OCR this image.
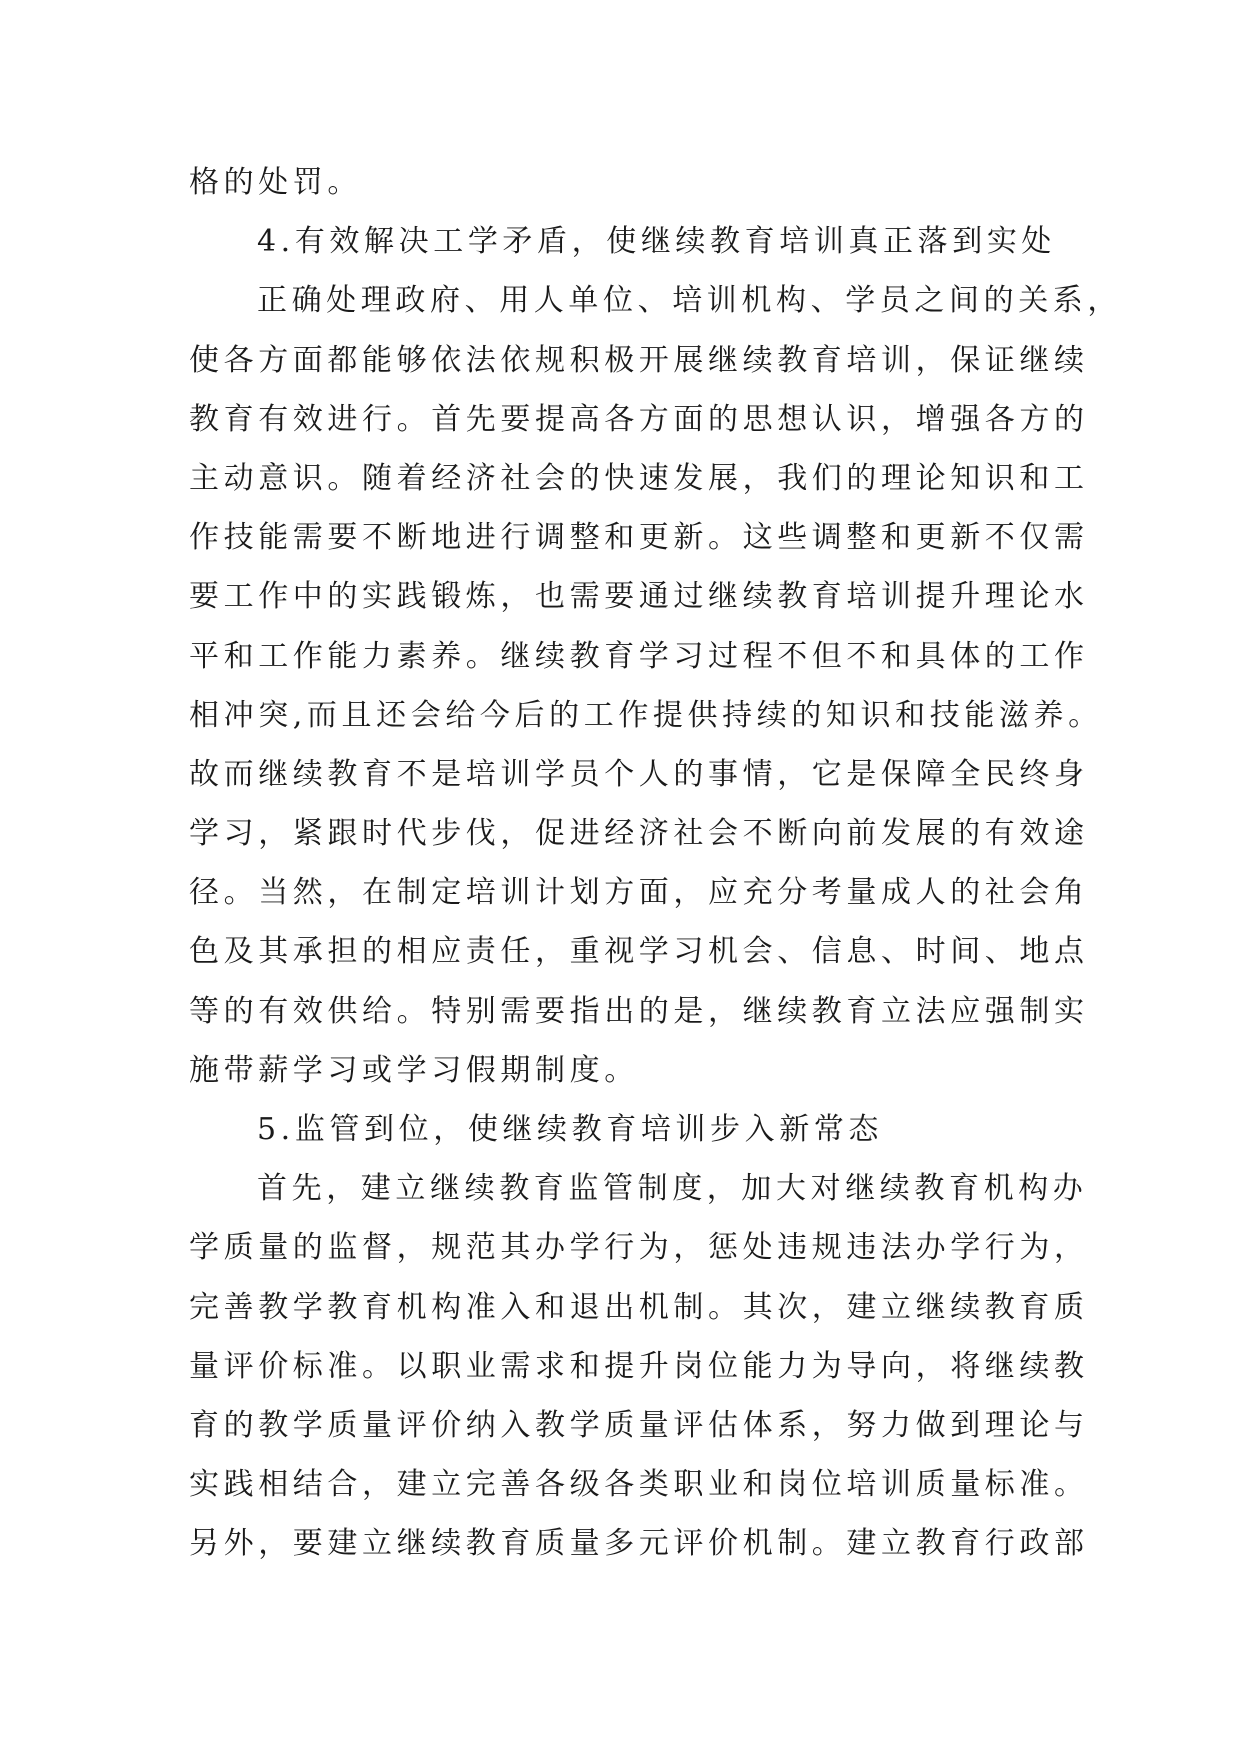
格的处罚。
4.有效解决工学矛盾，使继续教育培训真正落到实处
正确处理政府、用人单位、培训机构、学员之间的关系，
使各方面都能够依法依规积极开展继续教育培训，保证继续
教育有效进行。首先要提高各方面的思想认识，增强各方的
主动意识。随着经济社会的快速发展，我们的理论知识和工
作技能需要不断地进行调整和更新。这些调整和更新不仅需
要工作中的实践锻炼，也需要通过继续教育培训提升理论水
平和工作能力素养。继续教育学习过程不但不和具体的工作
相冲突,而且还会给今后的工作提供持续的知识和技能滋养。
故而继续教育不是培训学员个人的事情，它是保障全民终身
学习，紧跟时代步伐，促进经济社会不断向前发展的有效途
径。当然，在制定培训计划方面，应充分考量成人的社会角
色及其承担的相应责任，重视学习机会、信息、时间、地点
等的有效供给。特别需要指出的是，继续教育立法应强制实
施带薪学习或学习假期制度。
5.监管到位，使继续教育培训步入新常态
首先，建立继续教育监管制度，加大对继续教育机构办
学质量的监督，规范其办学行为，惩处违规违法办学行为，
完善教学教育机构准入和退出机制。其次，建立继续教育质
量评价标准。以职业需求和提升岗位能力为导向，将继续教
育的教学质量评价纳入教学质量评估体系，努力做到理论与
实践相结合，建立完善各级各类职业和岗位培训质量标准。
另外，要建立继续教育质量多元评价机制。建立教育行政部
